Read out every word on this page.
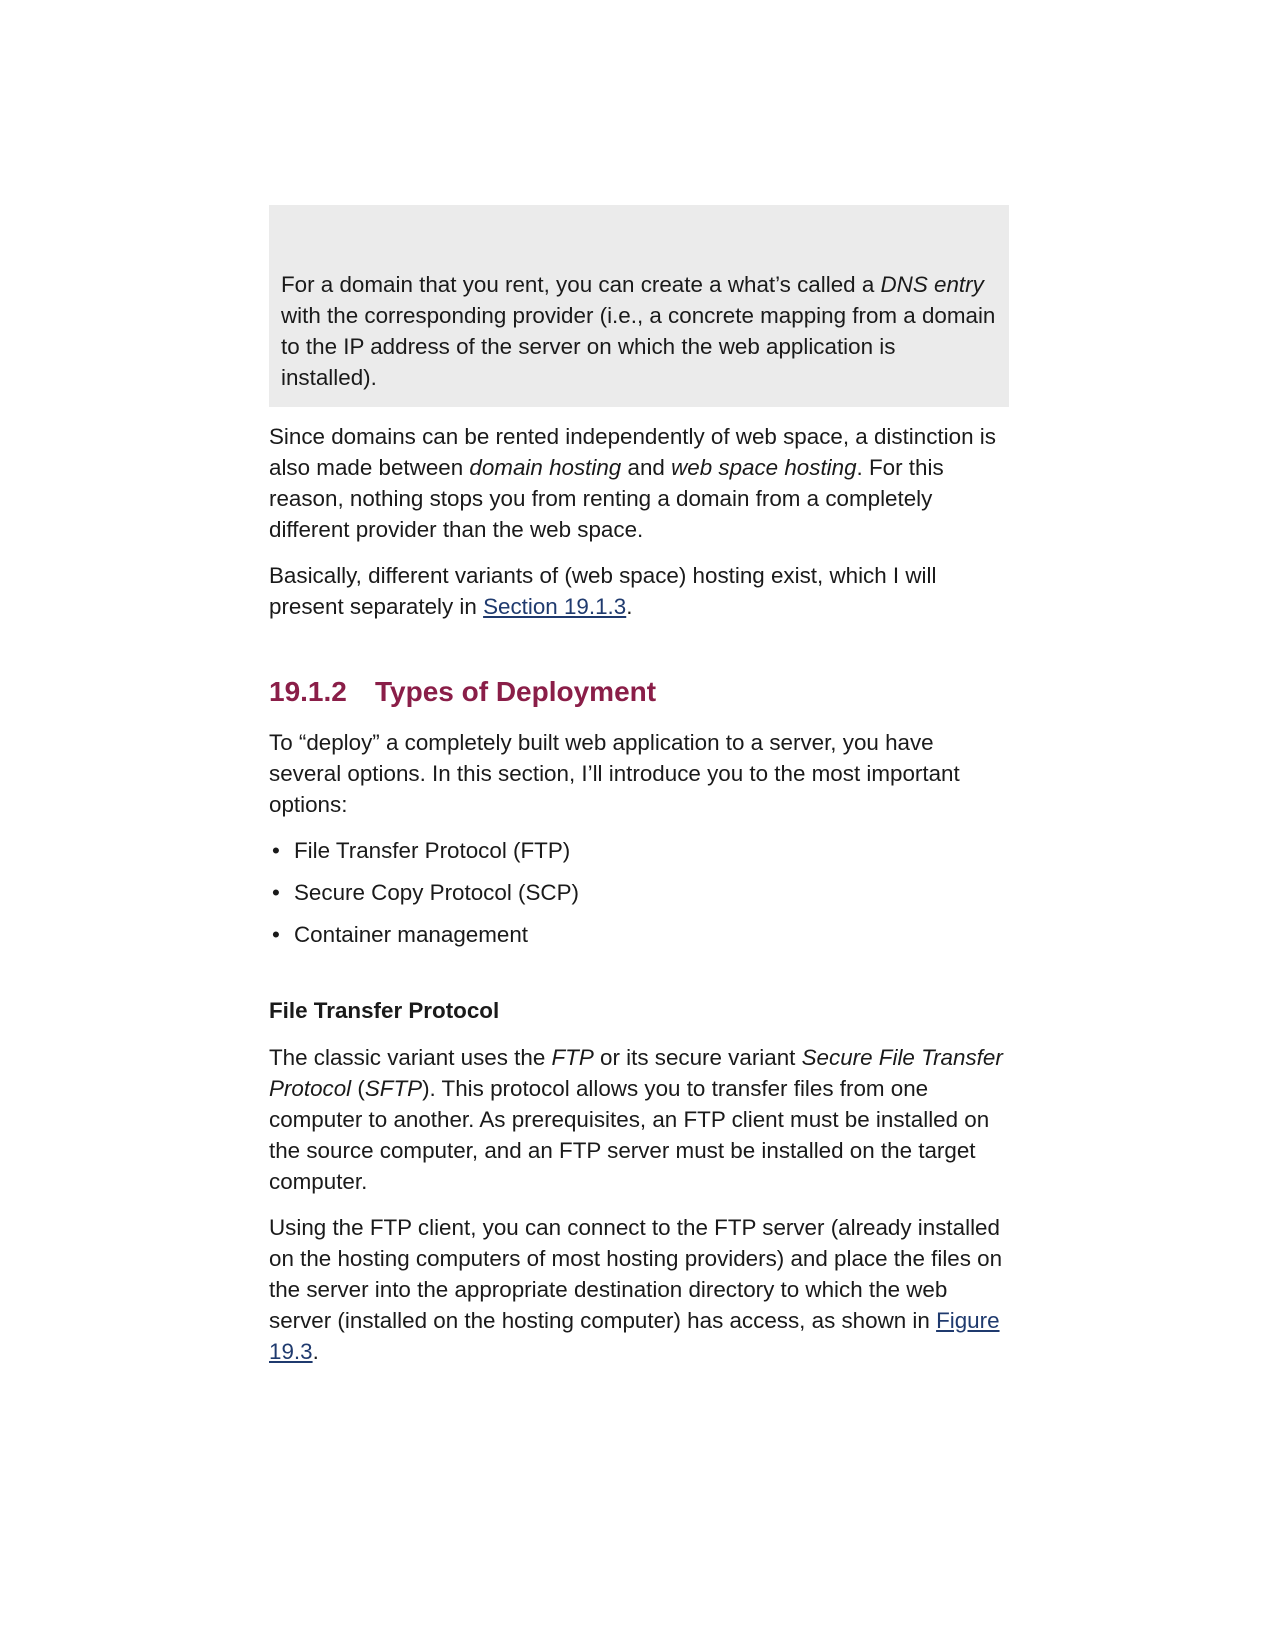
For a domain that you rent, you can create a what’s called a DNS entry with the corresponding provider (i.e., a concrete mapping from a domain to the IP address of the server on which the web application is installed).

Since domains can be rented independently of web space, a distinction is also made between domain hosting and web space hosting. For this reason, nothing stops you from renting a domain from a completely different provider than the web space.

Basically, different variants of (web space) hosting exist, which I will present separately in Section 19.1.3.

19.1.2 Types of Deployment

To “deploy” a completely built web application to a server, you have several options. In this section, I’ll introduce you to the most important options:

• File Transfer Protocol (FTP)
• Secure Copy Protocol (SCP)
• Container management
File Transfer Protocol

The classic variant uses the FTP or its secure variant Secure File Transfer Protocol (SFTP). This protocol allows you to transfer files from one computer to another. As prerequisites, an FTP client must be installed on the source computer, and an FTP server must be installed on the target computer.

Using the FTP client, you can connect to the FTP server (already installed on the hosting computers of most hosting providers) and place the files on the server into the appropriate destination directory to which the web server (installed on the hosting computer) has access, as shown in Figure 19.3.
